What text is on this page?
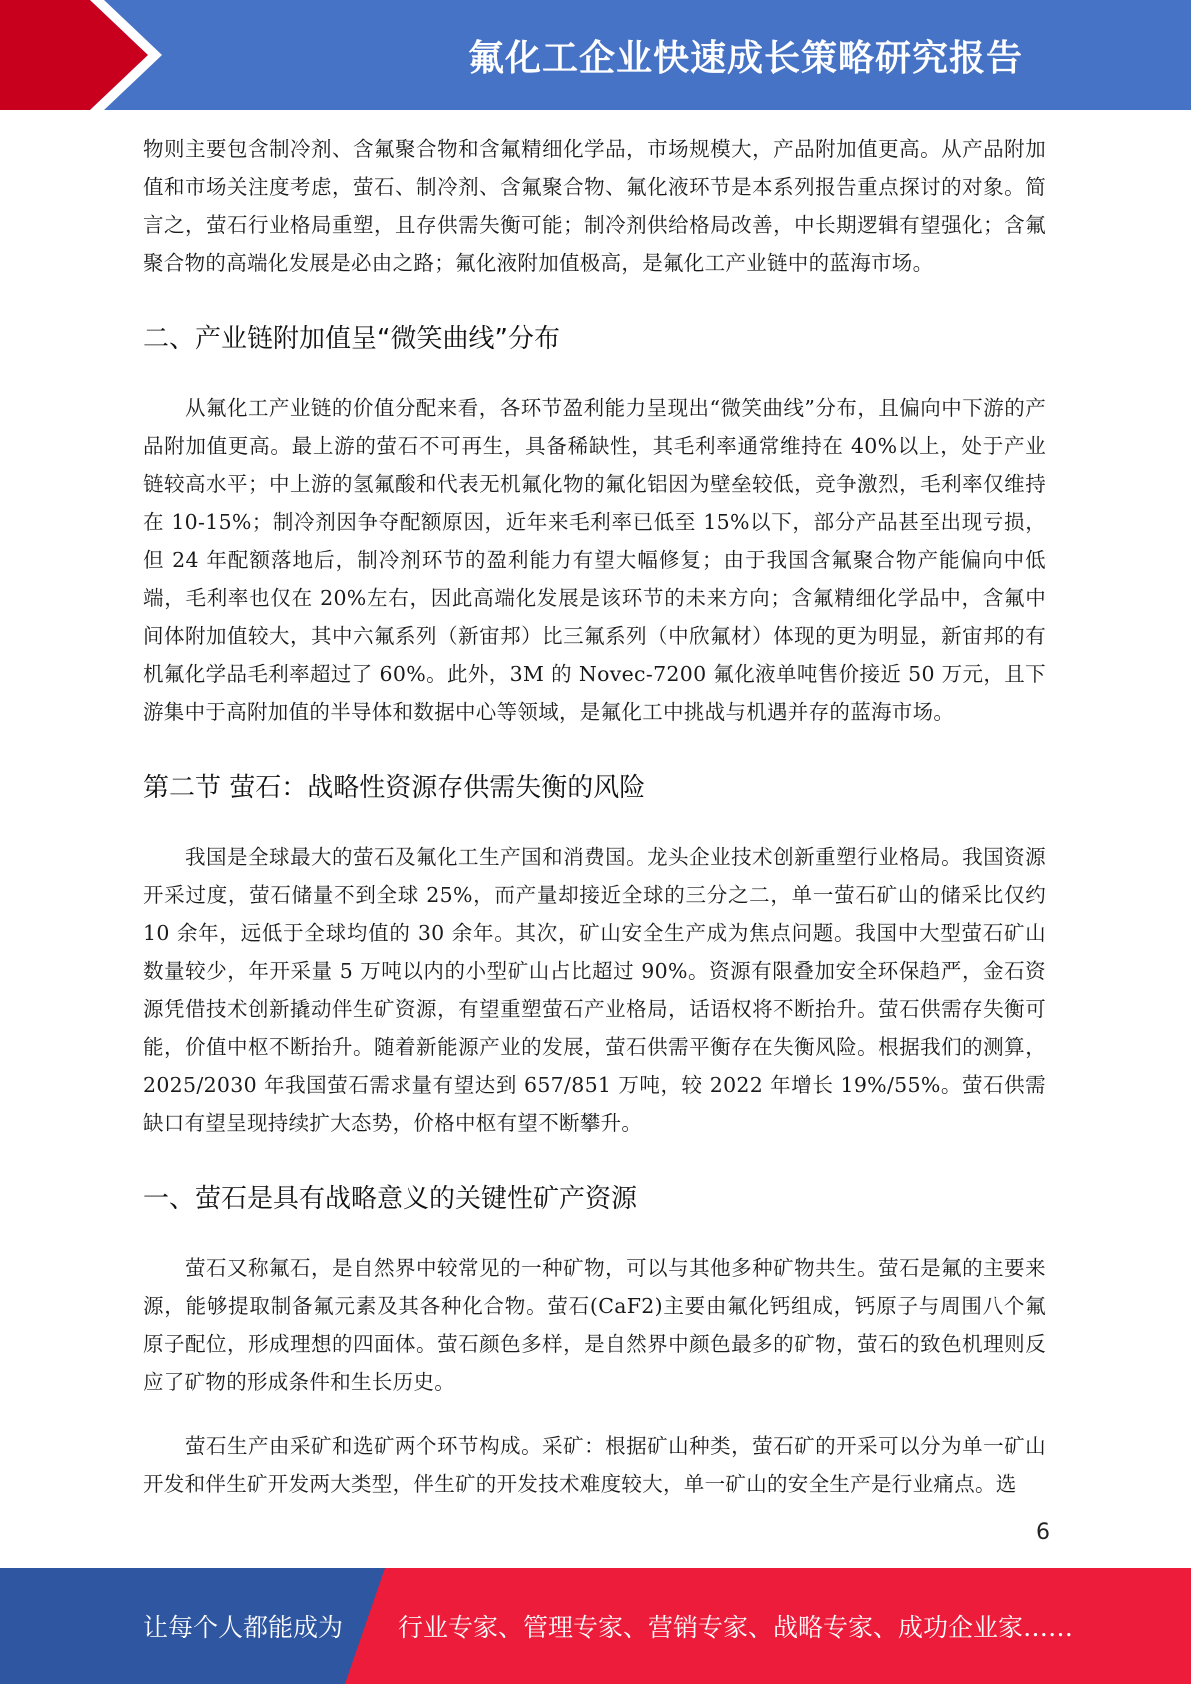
氟化工企业快速成长策略研究报告

物则主要包含制冷剂、含氟聚合物和含氟精细化学品，市场规模大，产品附加值更高。从产品附加值和市场关注度考虑，萤石、制冷剂、含氟聚合物、氟化液环节是本系列报告重点探讨的对象。简言之，萤石行业格局重塑，且存供需失衡可能；制冷剂供给格局改善，中长期逻辑有望强化；含氟聚合物的高端化发展是必由之路；氟化液附加值极高，是氟化工产业链中的蓝海市场。

二、产业链附加值呈“微笑曲线”分布

从氟化工产业链的价值分配来看，各环节盈利能力呈现出“微笑曲线”分布，且偏向中下游的产品附加值更高。最上游的萤石不可再生，具备稀缺性，其毛利率通常维持在 40%以上，处于产业链较高水平；中上游的氢氟酸和代表无机氟化物的氟化铝因为壁垒较低，竞争激烈，毛利率仅维持在 10-15%；制冷剂因争夺配额原因，近年来毛利率已低至 15%以下，部分产品甚至出现亏损，但 24 年配额落地后，制冷剂环节的盈利能力有望大幅修复；由于我国含氟聚合物产能偏向中低端，毛利率也仅在 20%左右，因此高端化发展是该环节的未来方向；含氟精细化学品中，含氟中间体附加值较大，其中六氟系列（新宙邦）比三氟系列（中欣氟材）体现的更为明显，新宙邦的有机氟化学品毛利率超过了 60%。此外，3M 的 Novec-7200 氟化液单吨售价接近 50 万元，且下游集中于高附加值的半导体和数据中心等领域，是氟化工中挑战与机遇并存的蓝海市场。

第二节 萤石：战略性资源存供需失衡的风险

我国是全球最大的萤石及氟化工生产国和消费国。龙头企业技术创新重塑行业格局。我国资源开采过度，萤石储量不到全球 25%，而产量却接近全球的三分之二，单一萤石矿山的储采比仅约 10 余年，远低于全球均值的 30 余年。其次，矿山安全生产成为焦点问题。我国中大型萤石矿山数量较少，年开采量 5 万吨以内的小型矿山占比超过 90%。资源有限叠加安全环保趋严，金石资源凭借技术创新撬动伴生矿资源，有望重塑萤石产业格局，话语权将不断抬升。萤石供需存失衡可能，价值中枢不断抬升。随着新能源产业的发展，萤石供需平衡存在失衡风险。根据我们的测算，2025/2030 年我国萤石需求量有望达到 657/851 万吨，较 2022 年增长 19%/55%。萤石供需缺口有望呈现持续扩大态势，价格中枢有望不断攀升。

一、萤石是具有战略意义的关键性矿产资源

萤石又称氟石，是自然界中较常见的一种矿物，可以与其他多种矿物共生。萤石是氟的主要来源，能够提取制备氟元素及其各种化合物。萤石(CaF2)主要由氟化钙组成，钙原子与周围八个氟原子配位，形成理想的四面体。萤石颜色多样，是自然界中颜色最多的矿物，萤石的致色机理则反应了矿物的形成条件和生长历史。

萤石生产由采矿和选矿两个环节构成。采矿：根据矿山种类，萤石矿的开采可以分为单一矿山开发和伴生矿开发两大类型，伴生矿的开发技术难度较大，单一矿山的安全生产是行业痛点。选

6
让每个人都能成为 行业专家、管理专家、营销专家、战略专家、成功企业家……
